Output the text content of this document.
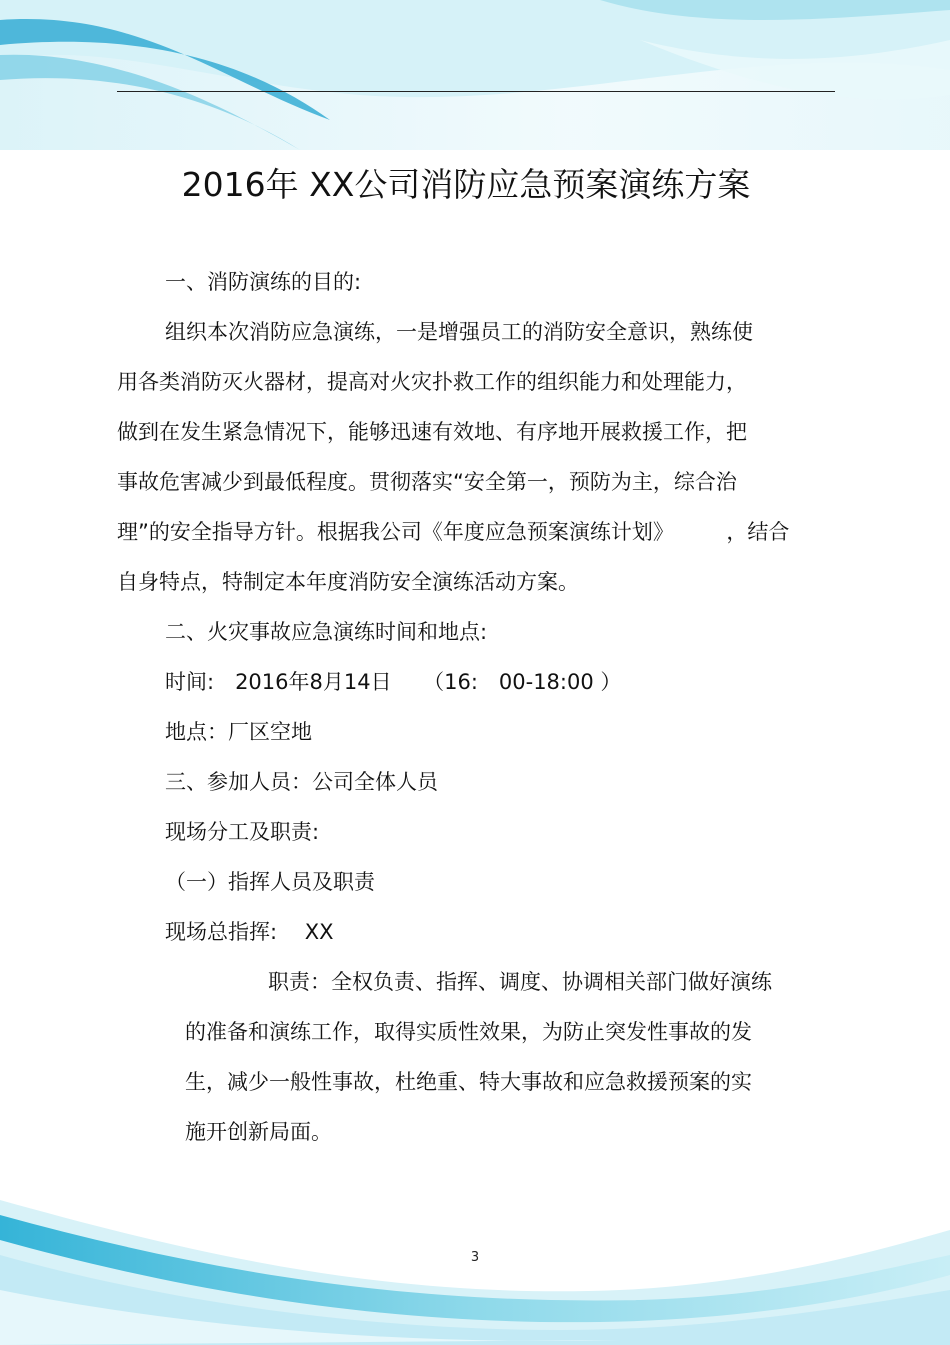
2016年 XX公司消防应急预案演练方案
一、消防演练的目的:
组织本次消防应急演练，一是增强员工的消防安全意识，熟练使
用各类消防灭火器材，提高对火灾扑救工作的组织能力和处理能力，
做到在发生紧急情况下，能够迅速有效地、有序地开展救援工作，把
事故危害减少到最低程度。贯彻落实“安全第一，预防为主，综合治
理”的安全指导方针。根据我公司《年度应急预案演练计划》　　　，结合
自身特点，特制定本年度消防安全演练活动方案。
二、火灾事故应急演练时间和地点:
时间:　2016年8月14日　　（16:　00-18:00 ）
地点：厂区空地
三、参加人员：公司全体人员
现场分工及职责:
（一）指挥人员及职责
现场总指挥:　 XX
职责：全权负责、指挥、调度、协调相关部门做好演练
的准备和演练工作，取得实质性效果，为防止突发性事故的发
生，减少一般性事故，杜绝重、特大事故和应急救援预案的实
施开创新局面。
3
